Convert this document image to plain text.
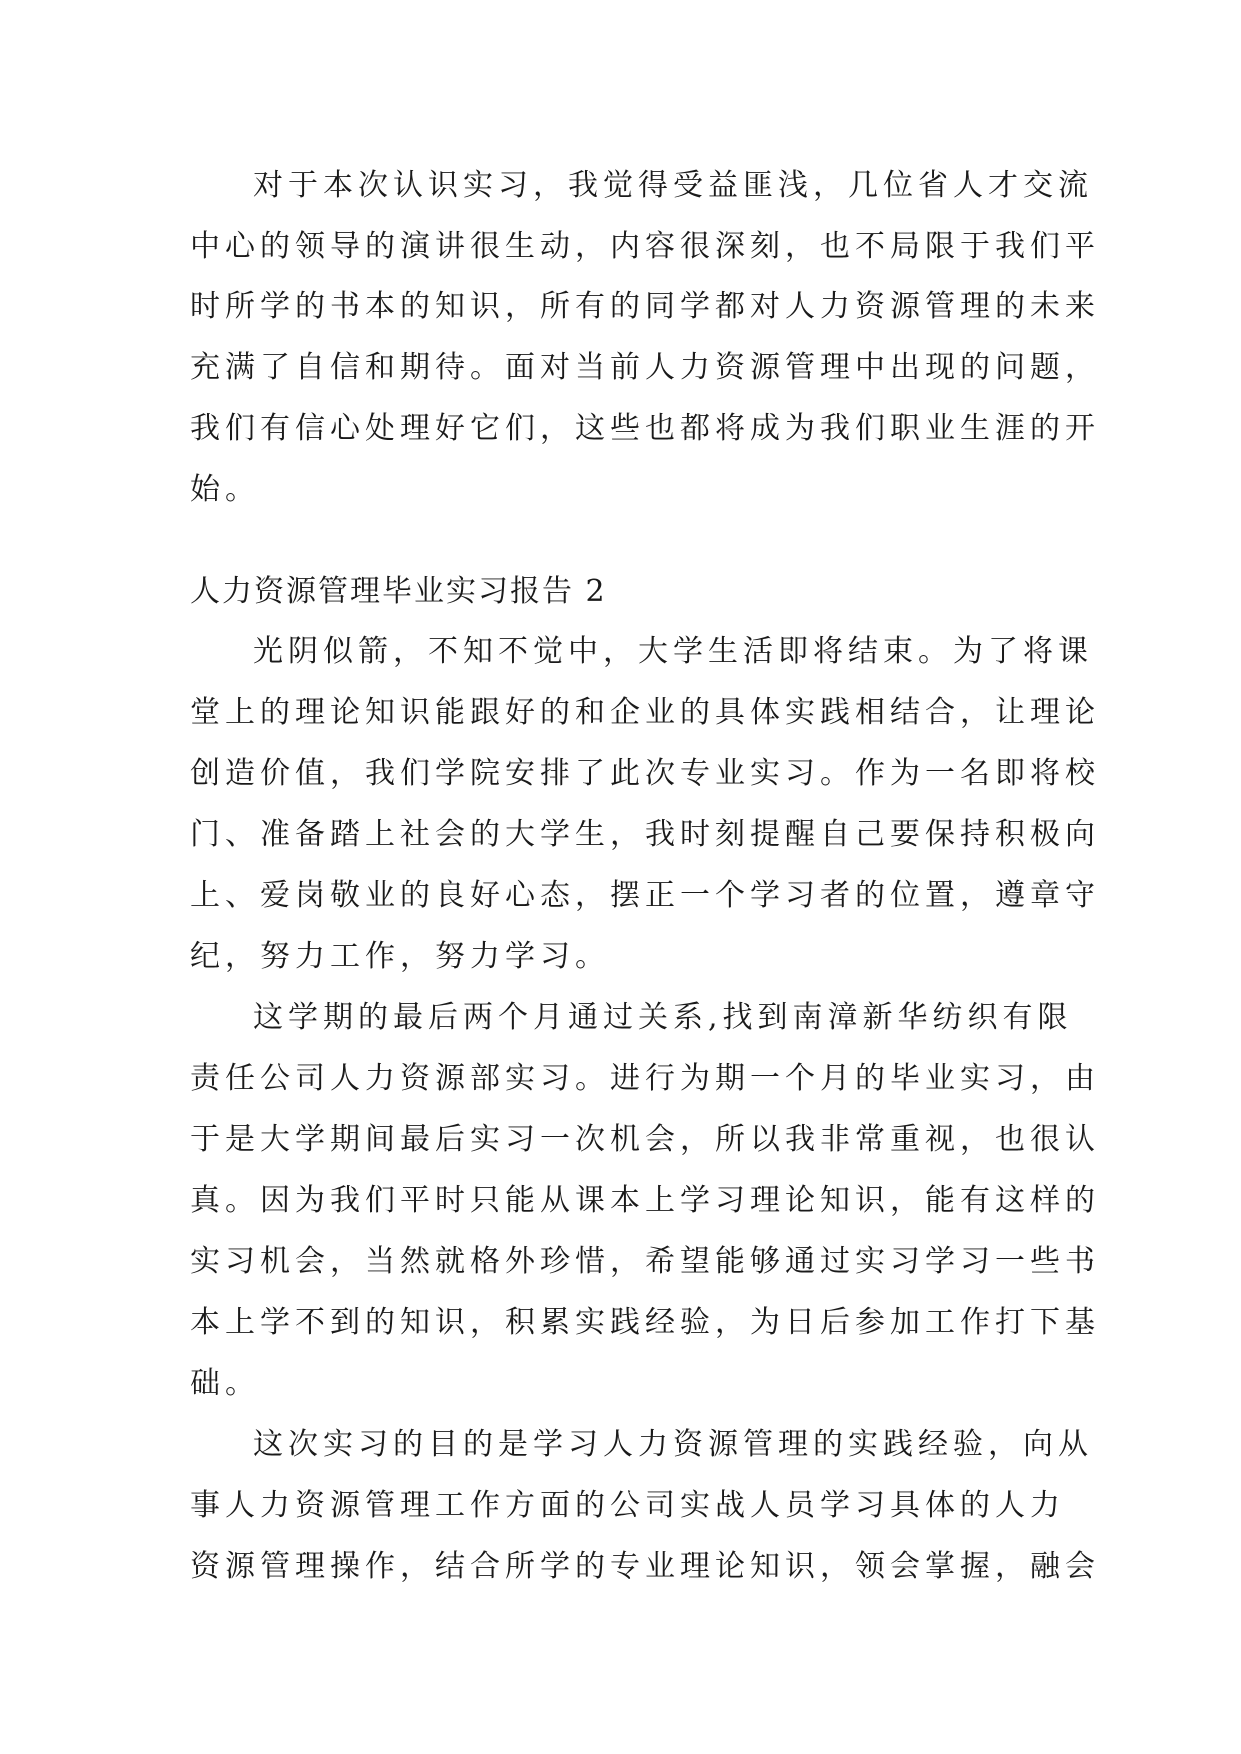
对于本次认识实习，我觉得受益匪浅，几位省人才交流
中心的领导的演讲很生动，内容很深刻，也不局限于我们平
时所学的书本的知识，所有的同学都对人力资源管理的未来
充满了自信和期待。面对当前人力资源管理中出现的问题，
我们有信心处理好它们，这些也都将成为我们职业生涯的开
始。
人力资源管理毕业实习报告 2
光阴似箭，不知不觉中，大学生活即将结束。为了将课
堂上的理论知识能跟好的和企业的具体实践相结合，让理论
创造价值，我们学院安排了此次专业实习。作为一名即将校
门、准备踏上社会的大学生，我时刻提醒自己要保持积极向
上、爱岗敬业的良好心态，摆正一个学习者的位置，遵章守
纪，努力工作，努力学习。
这学期的最后两个月通过关系,找到南漳新华纺织有限
责任公司人力资源部实习。进行为期一个月的毕业实习，由
于是大学期间最后实习一次机会，所以我非常重视，也很认
真。因为我们平时只能从课本上学习理论知识，能有这样的
实习机会，当然就格外珍惜，希望能够通过实习学习一些书
本上学不到的知识，积累实践经验，为日后参加工作打下基
础。
这次实习的目的是学习人力资源管理的实践经验，向从
事人力资源管理工作方面的公司实战人员学习具体的人力
资源管理操作，结合所学的专业理论知识，领会掌握，融会
